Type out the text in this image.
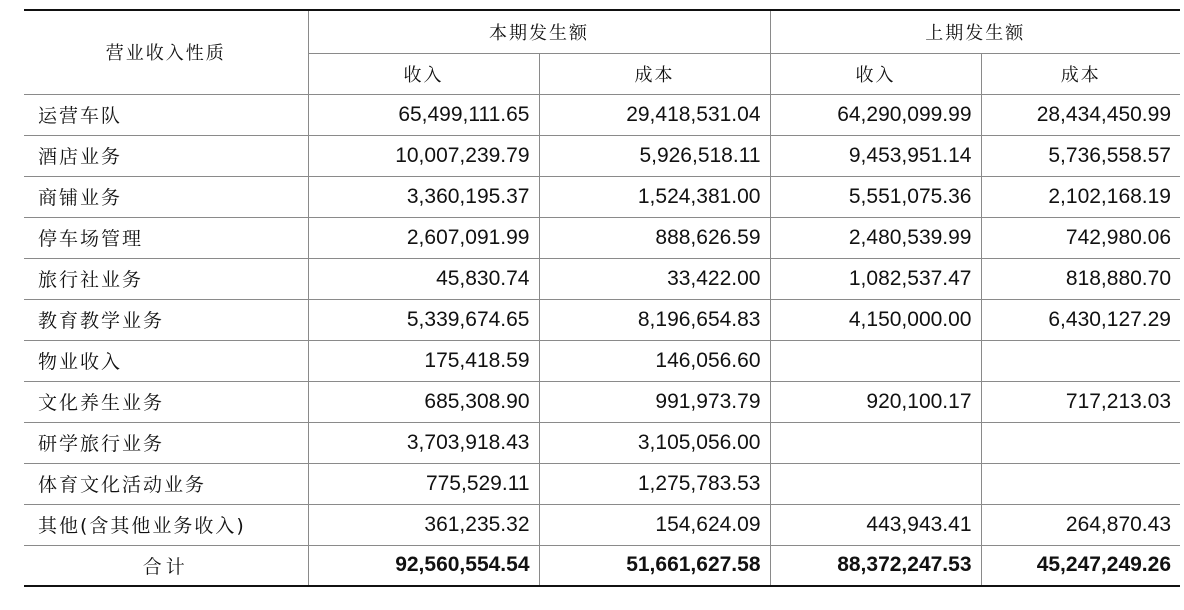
营业收入性质	本期发生额		上期发生额	
	收入	成本	收入	成本
运营车队	65,499,111.65	29,418,531.04	64,290,099.99	28,434,450.99
酒店业务	10,007,239.79	5,926,518.11	9,453,951.14	5,736,558.57
商铺业务	3,360,195.37	1,524,381.00	5,551,075.36	2,102,168.19
停车场管理	2,607,091.99	888,626.59	2,480,539.99	742,980.06
旅行社业务	45,830.74	33,422.00	1,082,537.47	818,880.70
教育教学业务	5,339,674.65	8,196,654.83	4,150,000.00	6,430,127.29
物业收入	175,418.59	146,056.60		
文化养生业务	685,308.90	991,973.79	920,100.17	717,213.03
研学旅行业务	3,703,918.43	3,105,056.00		
体育文化活动业务	775,529.11	1,275,783.53		
其他(含其他业务收入)	361,235.32	154,624.09	443,943.41	264,870.43
合计	92,560,554.54	51,661,627.58	88,372,247.53	45,247,249.26
